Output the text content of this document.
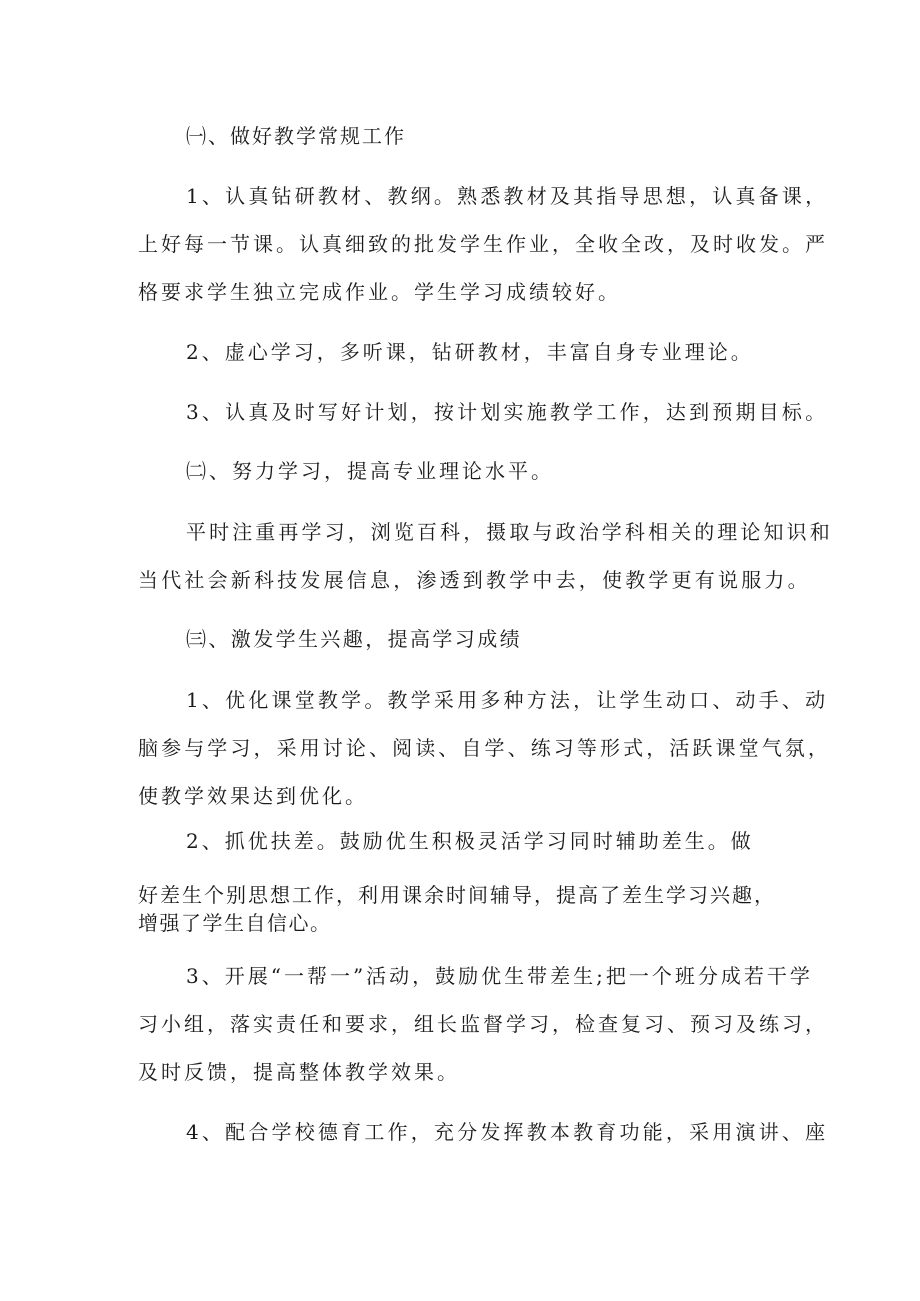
㈠、做好教学常规工作
1、认真钻研教材、教纲。熟悉教材及其指导思想，认真备课，
上好每一节课。认真细致的批发学生作业，全收全改，及时收发。严
格要求学生独立完成作业。学生学习成绩较好。
2、虚心学习，多听课，钻研教材，丰富自身专业理论。
3、认真及时写好计划，按计划实施教学工作，达到预期目标。
㈡、努力学习，提高专业理论水平。
平时注重再学习，浏览百科，摄取与政治学科相关的理论知识和
当代社会新科技发展信息，渗透到教学中去，使教学更有说服力。
㈢、激发学生兴趣，提高学习成绩
1、优化课堂教学。教学采用多种方法，让学生动口、动手、动
脑参与学习，采用讨论、阅读、自学、练习等形式，活跃课堂气氛，
使教学效果达到优化。
2、抓优扶差。鼓励优生积极灵活学习同时辅助差生。做
好差生个别思想工作，利用课余时间辅导，提高了差生学习兴趣，
增强了学生自信心。
3、开展“一帮一”活动，鼓励优生带差生;把一个班分成若干学
习小组，落实责任和要求，组长监督学习，检查复习、预习及练习，
及时反馈，提高整体教学效果。
4、配合学校德育工作，充分发挥教本教育功能，采用演讲、座
